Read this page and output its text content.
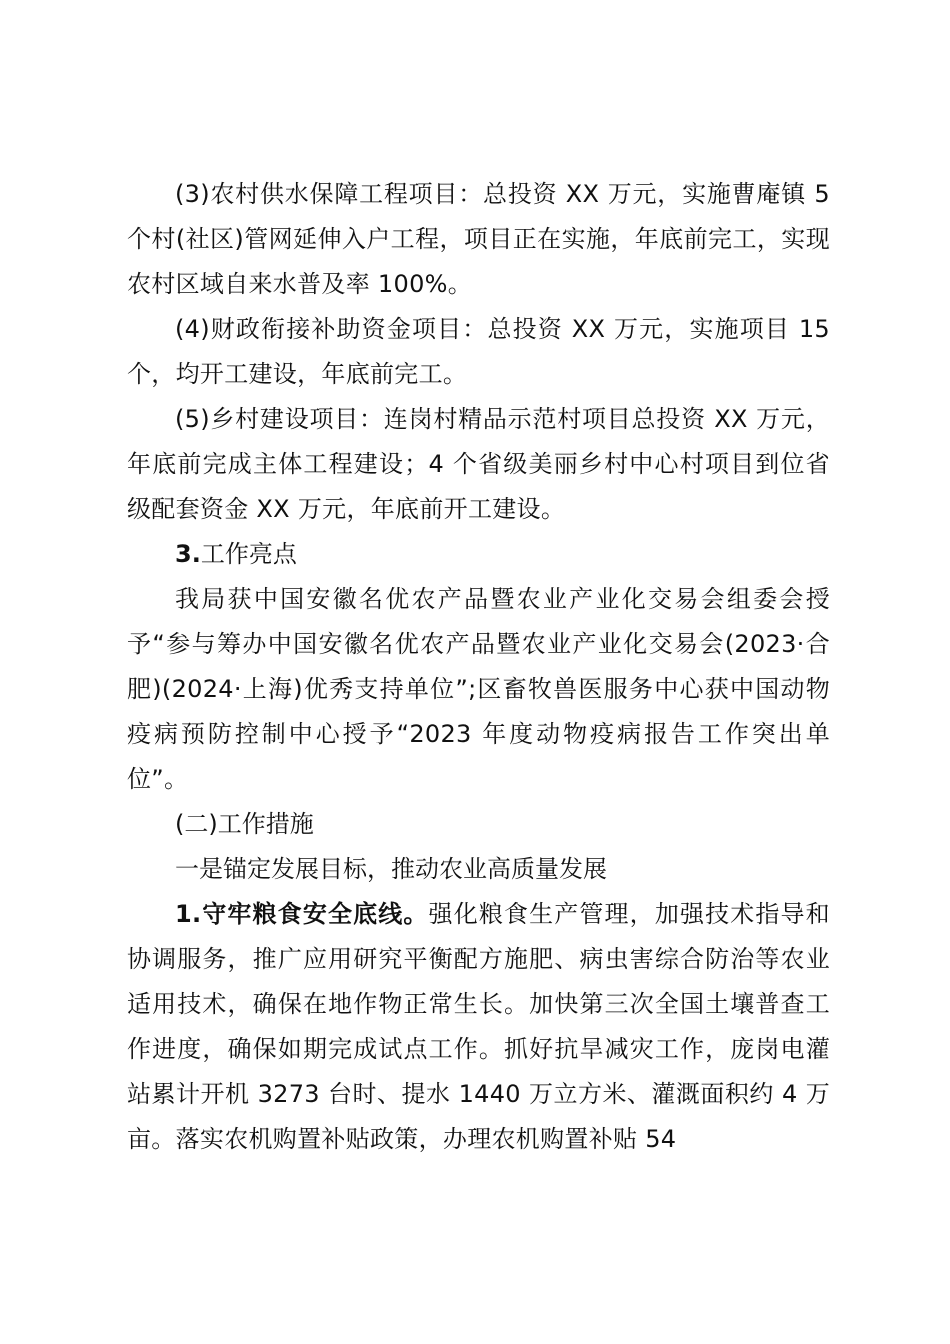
(3)农村供水保障工程项目：总投资 XX 万元，实施曹庵镇 5 个村(社区)管网延伸入户工程，项目正在实施，年底前完工，实现农村区域自来水普及率 100%。

(4)财政衔接补助资金项目：总投资 XX 万元，实施项目 15 个，均开工建设，年底前完工。

(5)乡村建设项目：连岗村精品示范村项目总投资 XX 万元，年底前完成主体工程建设；4 个省级美丽乡村中心村项目到位省级配套资金 XX 万元，年底前开工建设。

3.工作亮点

我局获中国安徽名优农产品暨农业产业化交易会组委会授予“参与筹办中国安徽名优农产品暨农业产业化交易会(2023·合肥)(2024·上海)优秀支持单位”;区畜牧兽医服务中心获中国动物疫病预防控制中心授予“2023 年度动物疫病报告工作突出单位”。

(二)工作措施

一是锚定发展目标，推动农业高质量发展

1.守牢粮食安全底线。强化粮食生产管理，加强技术指导和协调服务，推广应用研究平衡配方施肥、病虫害综合防治等农业适用技术，确保在地作物正常生长。加快第三次全国土壤普查工作进度，确保如期完成试点工作。抓好抗旱减灾工作，庞岗电灌站累计开机 3273 台时、提水 1440 万立方米、灌溉面积约 4 万亩。落实农机购置补贴政策，办理农机购置补贴 54
